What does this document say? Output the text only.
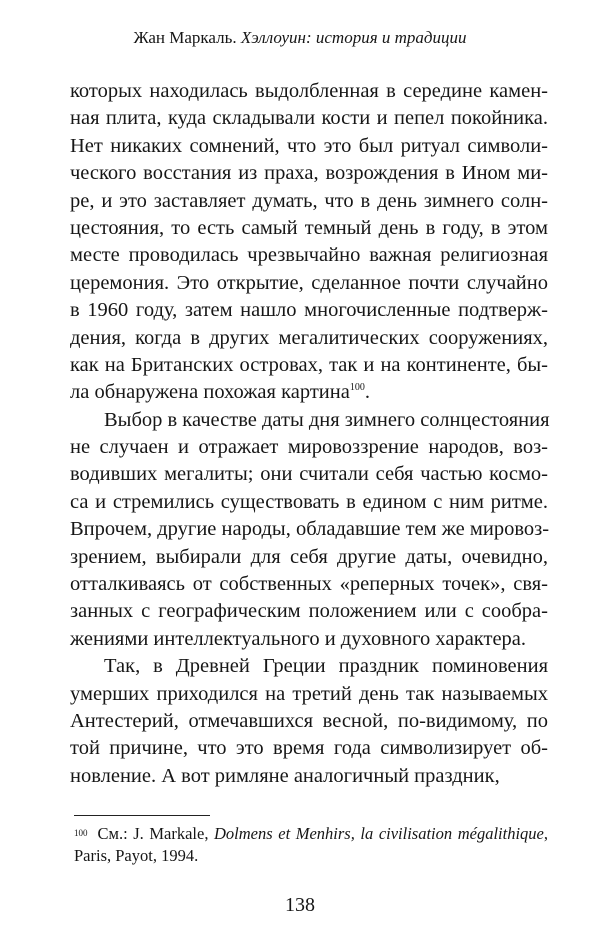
Жан Маркаль. Хэллоуин: история и традиции
которых находилась выдолбленная в середине камен-
ная плита, куда складывали кости и пепел покойника.
Нет никаких сомнений, что это был ритуал символи-
ческого восстания из праха, возрождения в Ином ми-
ре, и это заставляет думать, что в день зимнего солн-
цестояния, то есть самый темный день в году, в этом
месте проводилась чрезвычайно важная религиозная
церемония. Это открытие, сделанное почти случайно
в 1960 году, затем нашло многочисленные подтверж-
дения, когда в других мегалитических сооружениях,
как на Британских островах, так и на континенте, бы-
ла обнаружена похожая картина$^{100}$.
Выбор в качестве даты дня зимнего солнцестояния
не случаен и отражает мировоззрение народов, воз-
водивших мегалиты; они считали себя частью космо-
са и стремились существовать в едином с ним ритме.
Впрочем, другие народы, обладавшие тем же мировоз-
зрением, выбирали для себя другие даты, очевидно,
отталкиваясь от собственных «реперных точек», свя-
занных с географическим положением или с сообра-
жениями интеллектуального и духовного характера.
Так, в Древней Греции праздник поминовения
умерших приходился на третий день так называемых
Антестерий, отмечавшихся весной, по-видимому, по
той причине, что это время года символизирует об-
новление. А вот римляне аналогичный праздник,
100 См.: J. Markale, Dolmens et Menhirs, la civilisation mégalithique,
Paris, Payot, 1994.
138
